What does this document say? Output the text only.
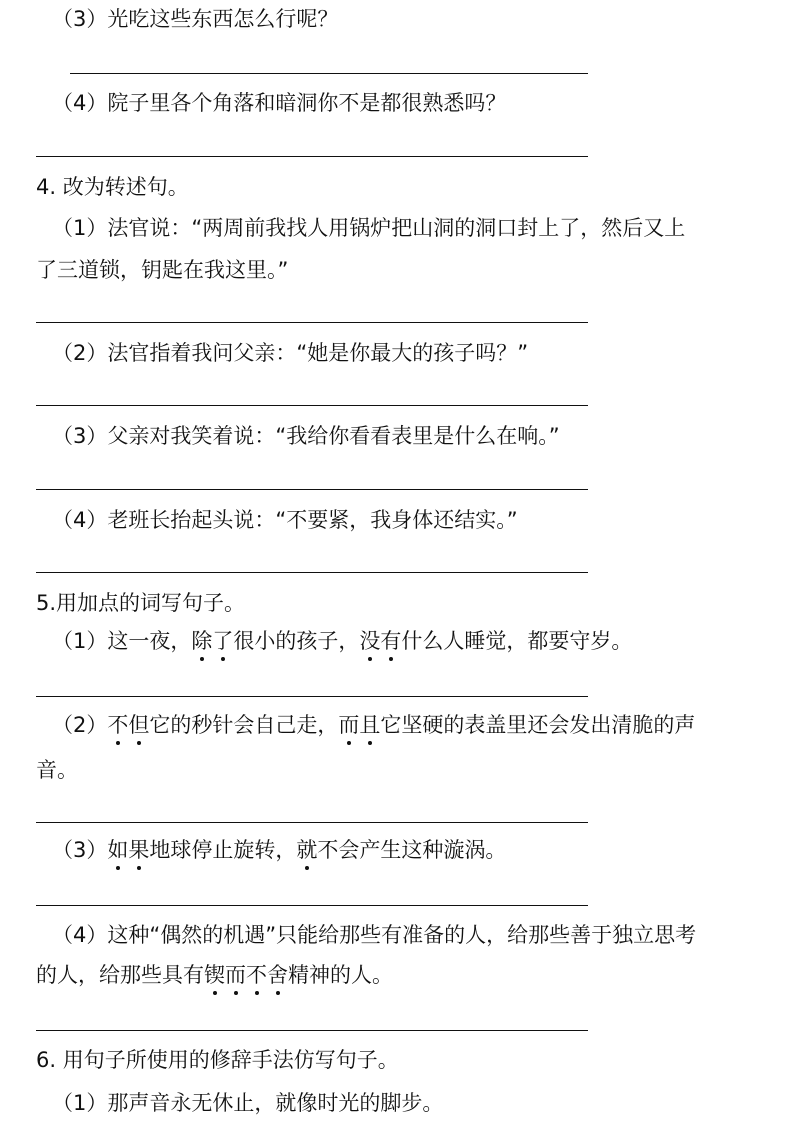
（3）光吃这些东西怎么行呢？
（4）院子里各个角落和暗洞你不是都很熟悉吗？
4. 改为转述句。
（1）法官说：“两周前我找人用锅炉把山洞的洞口封上了，然后又上
了三道锁，钥匙在我这里。”
（2）法官指着我问父亲：“她是你最大的孩子吗？”
（3）父亲对我笑着说：“我给你看看表里是什么在响。”
（4）老班长抬起头说：“不要紧，我身体还结实。”
5.用加点的词写句子。
（1）这一夜，除了很小的孩子，没有什么人睡觉，都要守岁。
（2）不但它的秒针会自己走，而且它坚硬的表盖里还会发出清脆的声
音。
（3）如果地球停止旋转，就不会产生这种漩涡。
（4）这种“偶然的机遇”只能给那些有准备的人，给那些善于独立思考
的人，给那些具有锲而不舍精神的人。
6. 用句子所使用的修辞手法仿写句子。
（1）那声音永无休止，就像时光的脚步。
